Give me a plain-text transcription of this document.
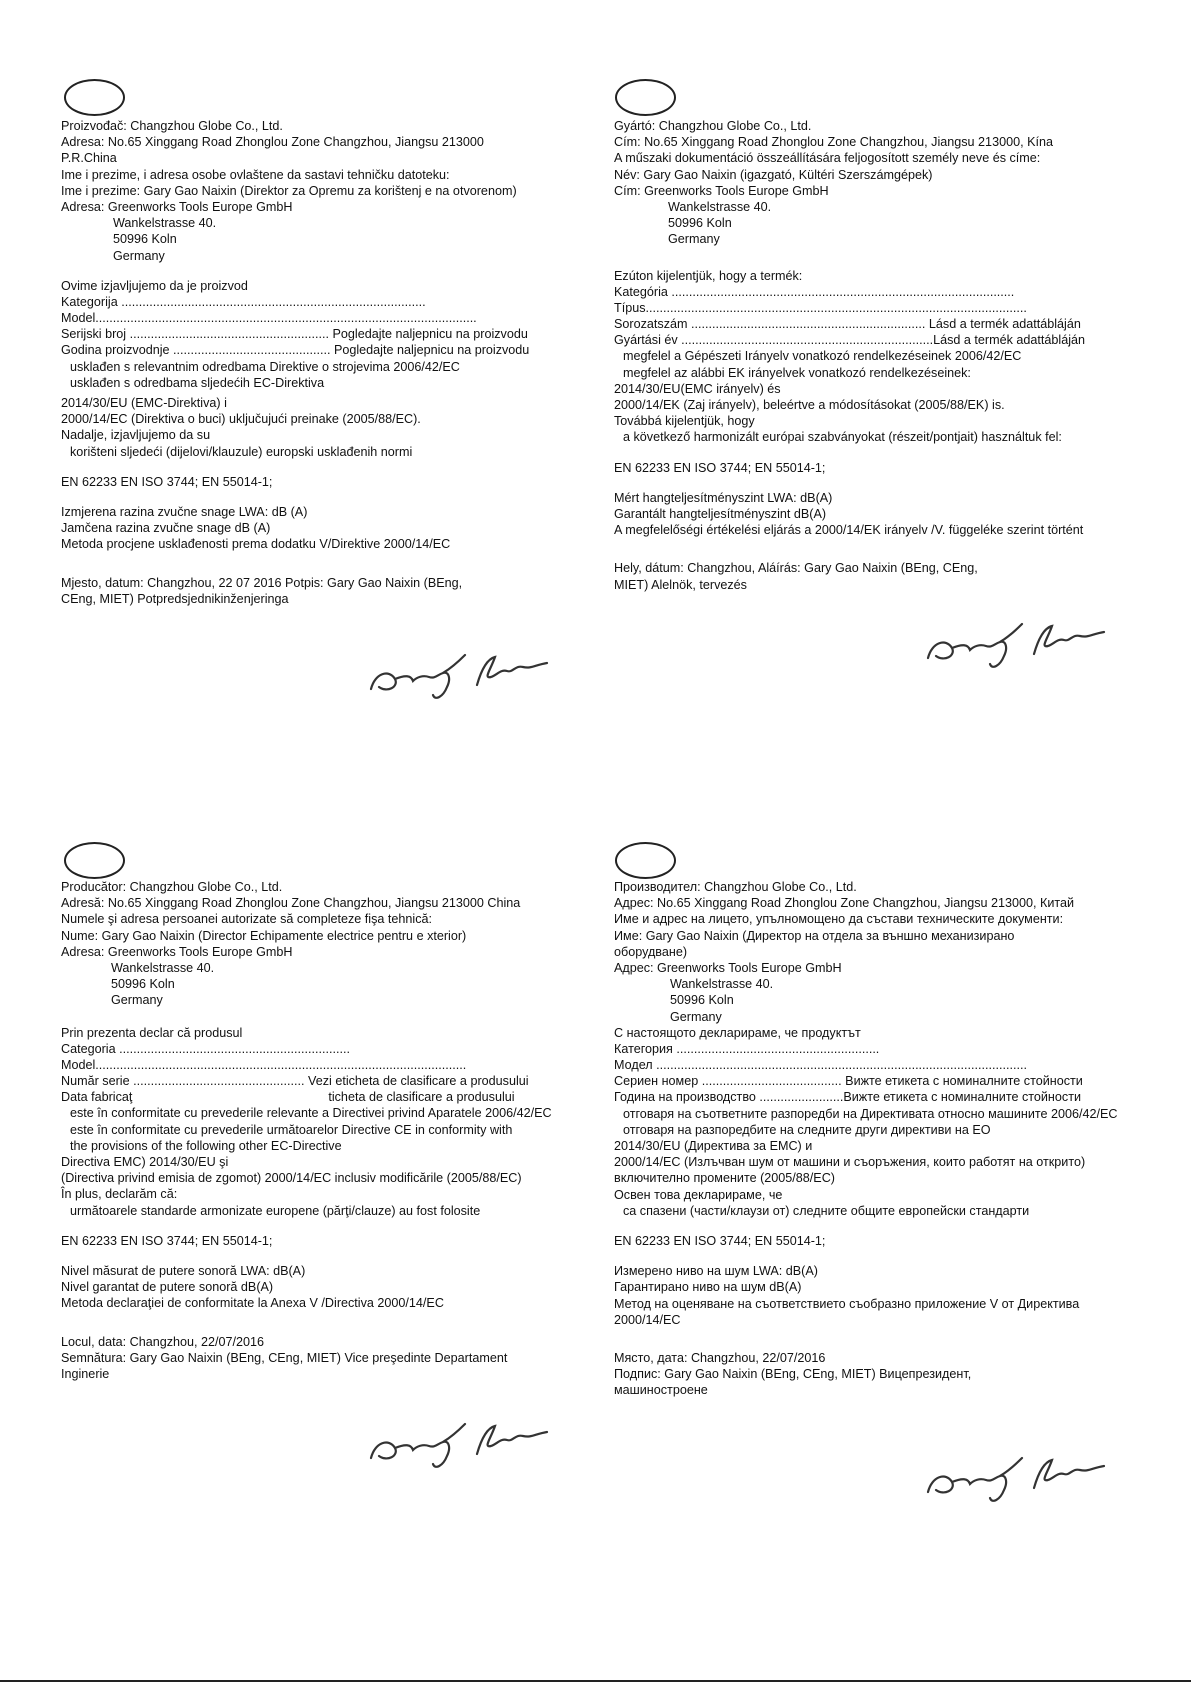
Proizvođač: Changzhou Globe Co., Ltd.
Adresa: No.65 Xinggang Road Zhonglou Zone Changzhou, Jiangsu 213000
P.R.China
Ime i prezime, i adresa osobe ovlaštene da sastavi tehničku datoteku:
Ime i prezime: Gary Gao Naixin (Direktor za Opremu za korištenj e na otvorenom)
Adresa: Greenworks Tools Europe GmbH
Wankelstrasse 40.
50996 Koln
Germany
Ovime izjavljujemo da je proizvod
Kategorija .......................................................................................
Model.............................................................................................................
Serijski broj ......................................................... Pogledajte naljepnicu na proizvodu
Godina proizvodnje ............................................. Pogledajte naljepnicu na proizvodu
usklađen s relevantnim odredbama Direktive o strojevima 2006/42/EC
usklađen s odredbama sljedećih EC-Direktiva
2014/30/EU (EMC-Direktiva) i
2000/14/EC (Direktiva o buci) uključujući preinake (2005/88/EC).
Nadalje, izjavljujemo da su
korišteni sljedeći (dijelovi/klauzule) europski usklađenih normi
EN 62233 EN ISO 3744; EN 55014-1;
Izmjerena razina zvučne snage LWA: dB (A)
Jamčena razina zvučne snage dB (A)
Metoda procjene usklađenosti prema dodatku V/Direktive 2000/14/EC
Mjesto, datum: Changzhou, 22 07 2016 Potpis: Gary Gao Naixin (BEng,
CEng, MIET) Potpredsjednikinženjeringa
Gyártó: Changzhou Globe Co., Ltd.
Cím: No.65 Xinggang Road Zhonglou Zone Changzhou, Jiangsu 213000, Kína
A műszaki dokumentáció összeállítására feljogosított személy neve és címe:
Név: Gary Gao Naixin (igazgató, Kültéri Szerszámgépek)
Cím: Greenworks Tools Europe GmbH
Wankelstrasse 40.
50996 Koln
Germany
Ezúton kijelentjük, hogy a termék:
Kategória ..................................................................................................
Típus.............................................................................................................
Sorozatszám ................................................................... Lásd a termék adattábláján
Gyártási év ........................................................................Lásd a termék adattábláján
megfelel a Gépészeti Irányelv vonatkozó rendelkezéseinek 2006/42/EC
megfelel az alábbi EK irányelvek vonatkozó rendelkezéseinek:
2014/30/EU(EMC irányelv) és
2000/14/EK (Zaj irányelv), beleértve a módosításokat (2005/88/EK) is.
Továbbá kijelentjük, hogy
a következő harmonizált európai szabványokat (részeit/pontjait) használtuk fel:
EN 62233 EN ISO 3744; EN 55014-1;
Mért hangteljesítményszint LWA: dB(A)
Garantált hangteljesítményszint dB(A)
A megfelelőségi értékelési eljárás a 2000/14/EK irányelv /V. függeléke szerint történt
Hely, dátum: Changzhou, Aláírás: Gary Gao Naixin (BEng, CEng,
MIET) Alelnök, tervezés
Producător: Changzhou Globe Co., Ltd.
Adresă: No.65 Xinggang Road Zhonglou Zone Changzhou, Jiangsu 213000 China
Numele şi adresa persoanei autorizate să completeze fişa tehnică:
Nume: Gary Gao Naixin (Director Echipamente electrice pentru e xterior)
Adresa: Greenworks Tools Europe GmbH
Wankelstrasse 40.
50996 Koln
Germany
Prin prezenta declar că produsul
Categoria ..................................................................
Model..........................................................................................................
Număr serie ................................................. Vezi eticheta de clasificare a produsului
Data fabricaţ                                                        ticheta de clasificare a produsului
este în conformitate cu prevederile relevante a Directivei privind Aparatele 2006/42/EC
este în conformitate cu prevederile următoarelor Directive CE in conformity with
the provisions of the following other EC-Directive
Directiva EMC) 2014/30/EU şi
(Directiva privind emisia de zgomot) 2000/14/EC inclusiv modificările (2005/88/EC)
În plus, declarăm că:
următoarele standarde armonizate europene (părţi/clauze) au fost folosite
EN 62233 EN ISO 3744; EN 55014-1;
Nivel măsurat de putere sonoră LWA: dB(A)
Nivel garantat de putere sonoră dB(A)
Metoda declaraţiei de conformitate la Anexa V /Directiva 2000/14/EC
Locul, data: Changzhou, 22/07/2016
Semnătura: Gary Gao Naixin (BEng, CEng, MIET) Vice preşedinte Departament
Inginerie
Производител: Changzhou Globe Co., Ltd.
Адрес: No.65 Xinggang Road Zhonglou Zone Changzhou, Jiangsu 213000, Китай
Име и адрес на лицето, упълномощено да състави техническите документи:
Име: Gary Gao Naixin (Директор на отдела за външно механизирано
оборудване)
Адрес: Greenworks Tools Europe GmbH
Wankelstrasse 40.
50996 Koln
Germany
С настоящото декларираме, че продуктът
Категория ..........................................................
Модел ..........................................................................................................
Сериен номер ........................................ Вижте етикета с номиналните стойности
Година на производство ........................Вижте етикета с номиналните стойности
отговаря на съответните разпоредби на Директивата относно машините 2006/42/EC
отговаря на разпоредбите на следните други директиви на ЕО
2014/30/EU (Директива за EMC) и
2000/14/EC (Излъчван шум от машини и съоръжения, които работят на открито)
включително промените (2005/88/EC)
Освен това декларираме, че
са спазени (части/клаузи от) следните общите европейски стандарти
EN 62233 EN ISO 3744; EN 55014-1;
Измерено ниво на шум LWA: dB(A)
Гарантирано ниво на шум dB(A)
Метод на оценяване на съответствието съобразно приложение V от Директива
2000/14/EC
Място, дата: Changzhou, 22/07/2016
Подпис: Gary Gao Naixin (BEng, CEng, MIET) Вицепрезидент,
машиностроене
